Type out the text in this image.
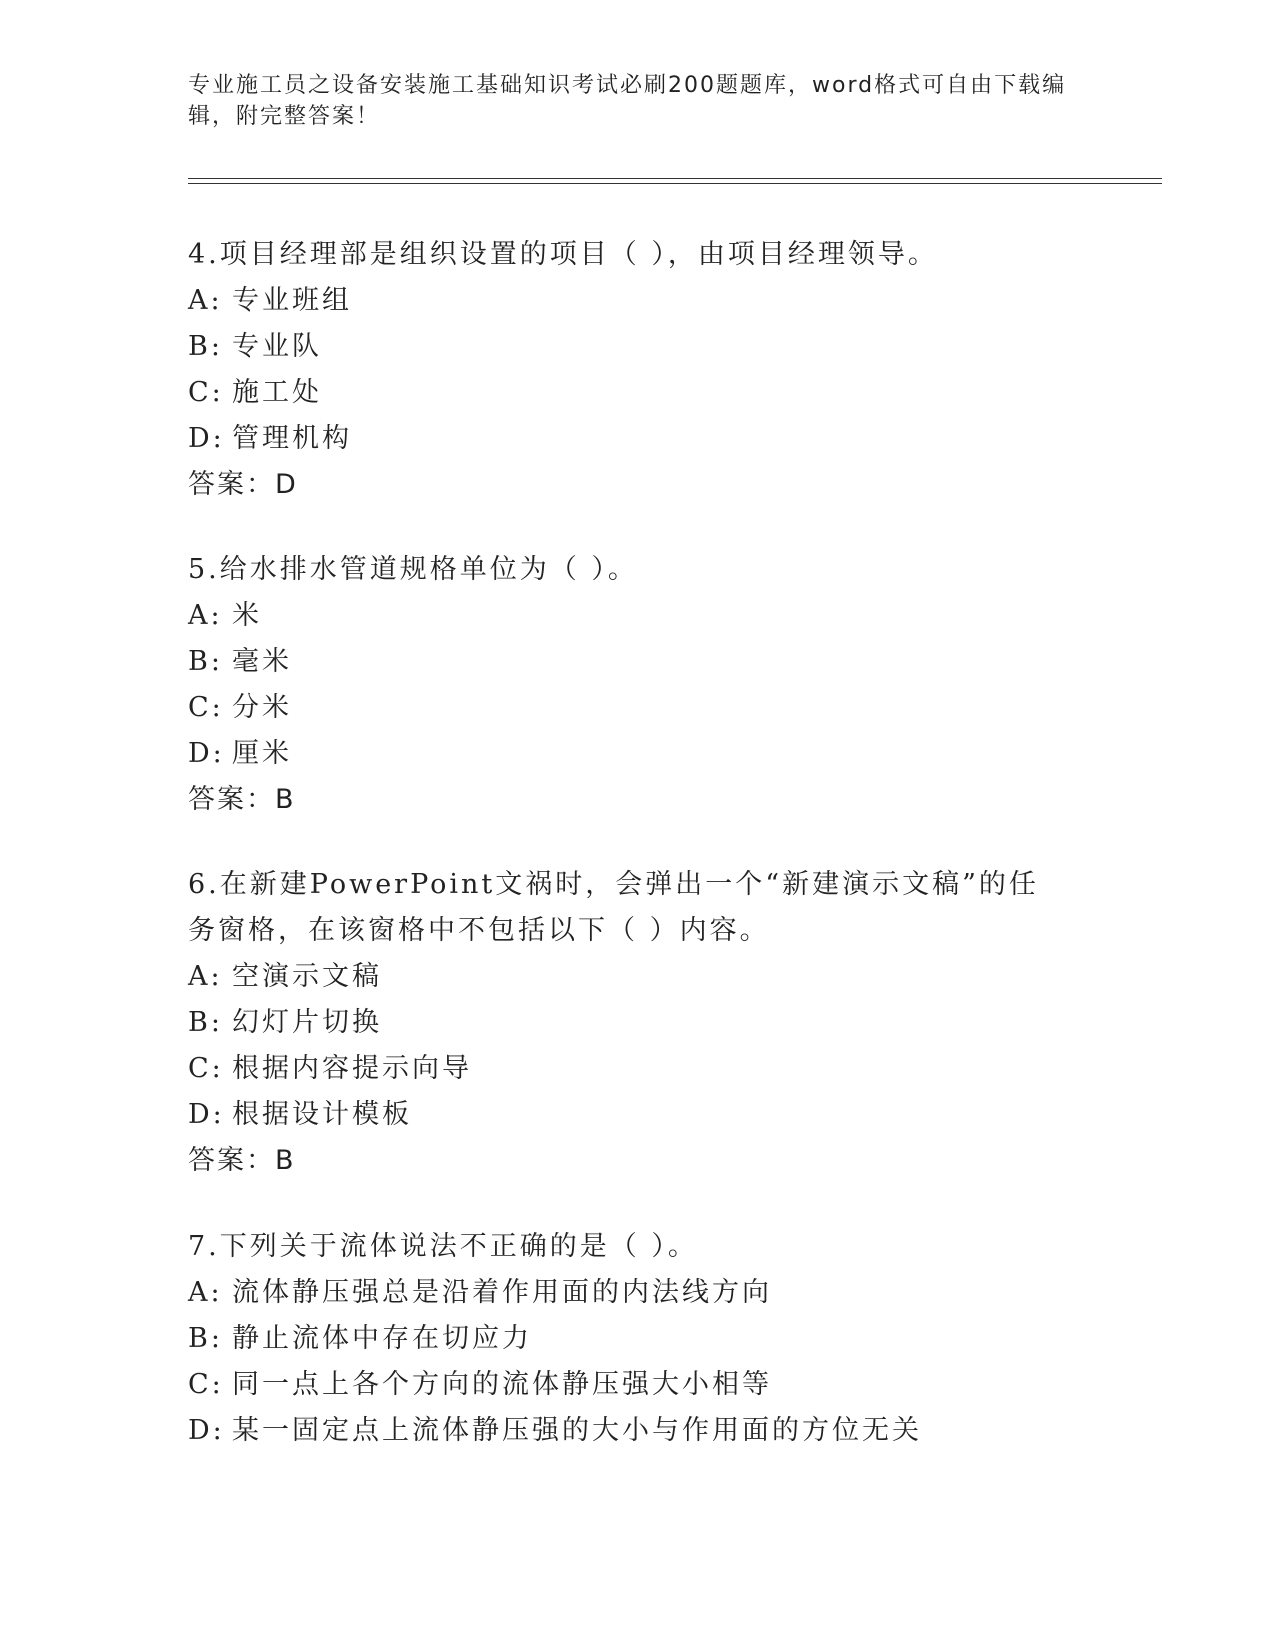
专业施工员之设备安装施工基础知识考试必刷200题题库，word格式可自由下载编辑，附完整答案！
4.项目经理部是组织设置的项目（ ），由项目经理领导。
A: 专业班组
B: 专业队
C: 施工处
D: 管理机构
答案：D
5.给水排水管道规格单位为（ ）。
A: 米
B: 毫米
C: 分米
D: 厘米
答案：B
6.在新建PowerPoint文祸时，会弹出一个“新建演示文稿”的任务窗格，在该窗格中不包括以下（ ）内容。
A: 空演示文稿
B: 幻灯片切换
C: 根据内容提示向导
D: 根据设计模板
答案：B
7.下列关于流体说法不正确的是（ ）。
A: 流体静压强总是沿着作用面的内法线方向
B: 静止流体中存在切应力
C: 同一点上各个方向的流体静压强大小相等
D: 某一固定点上流体静压强的大小与作用面的方位无关
